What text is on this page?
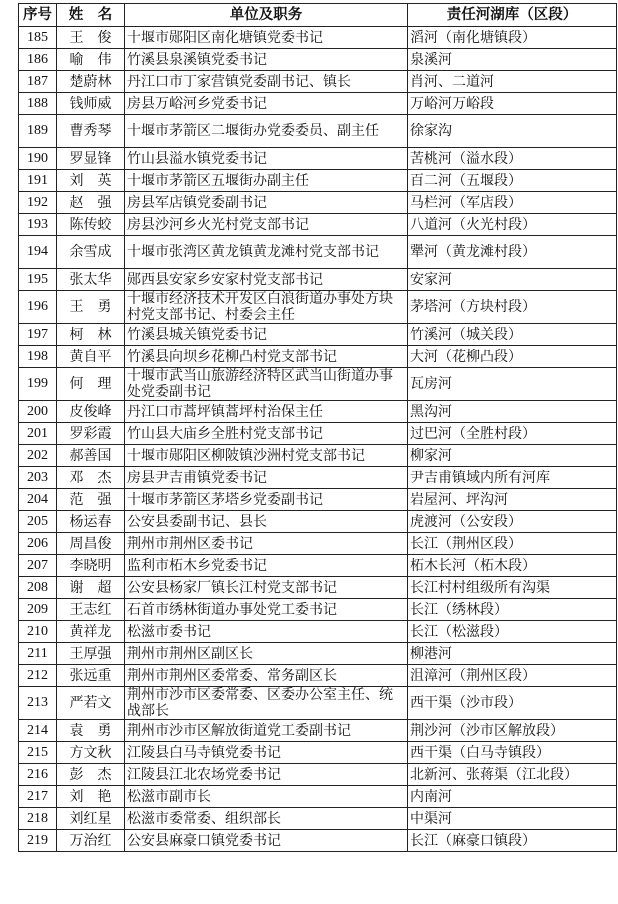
序号	姓　名	单位及职务	责任河湖库（区段）
185	王　俊	十堰市郧阳区南化塘镇党委书记	滔河（南化塘镇段）
186	喻　伟	竹溪县泉溪镇党委书记	泉溪河
187	楚蔚林	丹江口市丁家营镇党委副书记、镇长	肖河、二道河
188	钱师威	房县万峪河乡党委书记	万峪河万峪段
189	曹秀琴	十堰市茅箭区二堰街办党委委员、副主任	徐家沟
190	罗显锋	竹山县溢水镇党委书记	苦桃河（溢水段）
191	刘　英	十堰市茅箭区五堰街办副主任	百二河（五堰段）
192	赵　强	房县军店镇党委副书记	马栏河（军店段）
193	陈传蛟	房县沙河乡火光村党支部书记	八道河（火光村段）
194	余雪成	十堰市张湾区黄龙镇黄龙滩村党支部书记	犟河（黄龙滩村段）
195	张太华	郧西县安家乡安家村党支部书记	安家河
196	王　勇	十堰市经济技术开发区白浪街道办事处方块村党支部书记、村委会主任	茅塔河（方块村段）
197	柯　林	竹溪县城关镇党委书记	竹溪河（城关段）
198	黄自平	竹溪县向坝乡花柳凸村党支部书记	大河（花柳凸段）
199	何　理	十堰市武当山旅游经济特区武当山街道办事处党委副书记	瓦房河
200	皮俊峰	丹江口市蒿坪镇蒿坪村治保主任	黑沟河
201	罗彩霞	竹山县大庙乡全胜村党支部书记	过巴河（全胜村段）
202	郝善国	十堰市郧阳区柳陂镇沙洲村党支部书记	柳家河
203	邓　杰	房县尹吉甫镇党委书记	尹吉甫镇域内所有河库
204	范　强	十堰市茅箭区茅塔乡党委副书记	岩屋河、坪沟河
205	杨运春	公安县委副书记、县长	虎渡河（公安段）
206	周昌俊	荆州市荆州区委书记	长江（荆州区段）
207	李晓明	监利市柘木乡党委书记	柘木长河（柘木段）
208	谢　超	公安县杨家厂镇长江村党支部书记	长江村村组级所有沟渠
209	王志红	石首市绣林街道办事处党工委书记	长江（绣林段）
210	黄祥龙	松滋市委书记	长江（松滋段）
211	王厚强	荆州市荆州区副区长	柳港河
212	张远重	荆州市荆州区委常委、常务副区长	沮漳河（荆州区段）
213	严若文	荆州市沙市区委常委、区委办公室主任、统战部长	西干渠（沙市段）
214	袁　勇	荆州市沙市区解放街道党工委副书记	荆沙河（沙市区解放段）
215	方文秋	江陵县白马寺镇党委书记	西干渠（白马寺镇段）
216	彭　杰	江陵县江北农场党委书记	北新河、张蒋渠（江北段）
217	刘　艳	松滋市副市长	内南河
218	刘红星	松滋市委常委、组织部长	中渠河
219	万治红	公安县麻豪口镇党委书记	长江（麻豪口镇段）
